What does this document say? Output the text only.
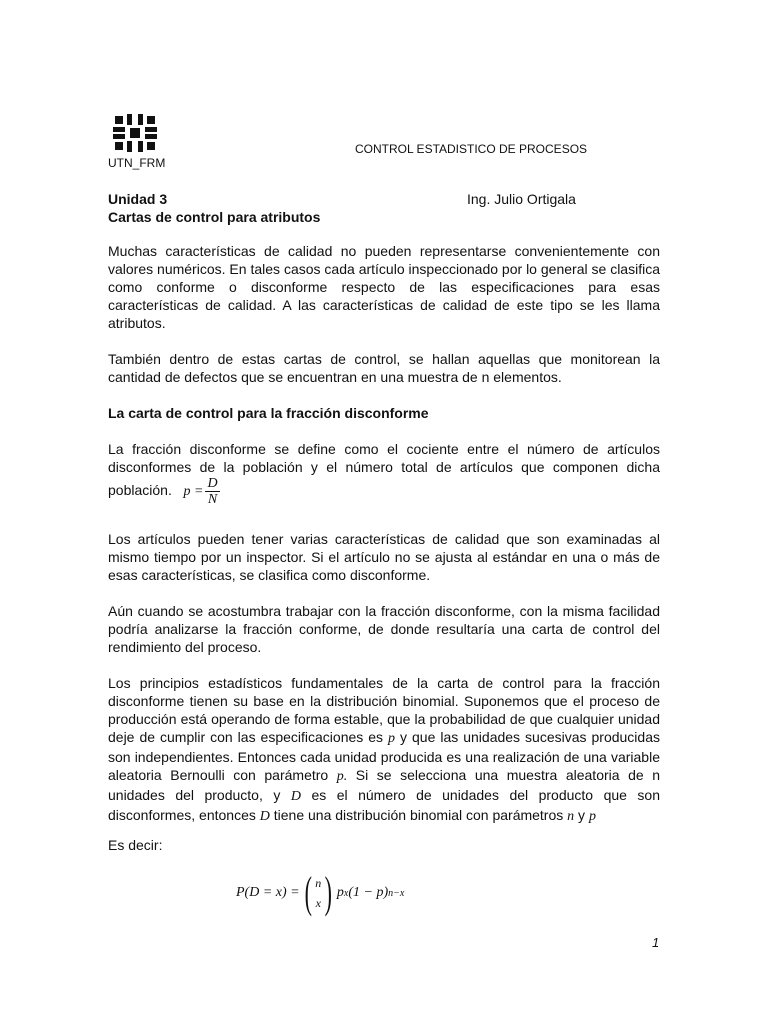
UTN_FRM
CONTROL ESTADISTICO DE PROCESOS
Unidad 3	Ing. Julio Ortigala
Cartas de control para atributos

Muchas características de calidad no pueden representarse convenientemente con valores numéricos. En tales casos cada artículo inspeccionado por lo general se clasifica como conforme o disconforme respecto de las especificaciones para esas características de calidad. A las características de calidad de este tipo se les llama atributos.

También dentro de estas cartas de control, se hallan aquellas que monitorean la cantidad de defectos que se encuentran en una muestra de n elementos.

La carta de control para la fracción disconforme

La fracción disconforme se define como el cociente entre el número de artículos disconformes de la población y el número total de artículos que componen dicha población. $p = \frac{D}{N}$

Los artículos pueden tener varias características de calidad que son examinadas al mismo tiempo por un inspector. Si el artículo no se ajusta al estándar en una o más de esas características, se clasifica como disconforme.

Aún cuando se acostumbra trabajar con la fracción disconforme, con la misma facilidad podría analizarse la fracción conforme, de donde resultaría una carta de control del rendimiento del proceso.

Los principios estadísticos fundamentales de la carta de control para la fracción disconforme tienen su base en la distribución binomial. Suponemos que el proceso de producción está operando de forma estable, que la probabilidad de que cualquier unidad deje de cumplir con las especificaciones es p y que las unidades sucesivas producidas son independientes. Entonces cada unidad producida es una realización de una variable aleatoria Bernoulli con parámetro p. Si se selecciona una muestra aleatoria de n unidades del producto, y D es el número de unidades del producto que son disconformes, entonces D tiene una distribución binomial con parámetros n y p

Es decir:

P(D = x) = ( n
x ) p x (1 − p) n−x
1
